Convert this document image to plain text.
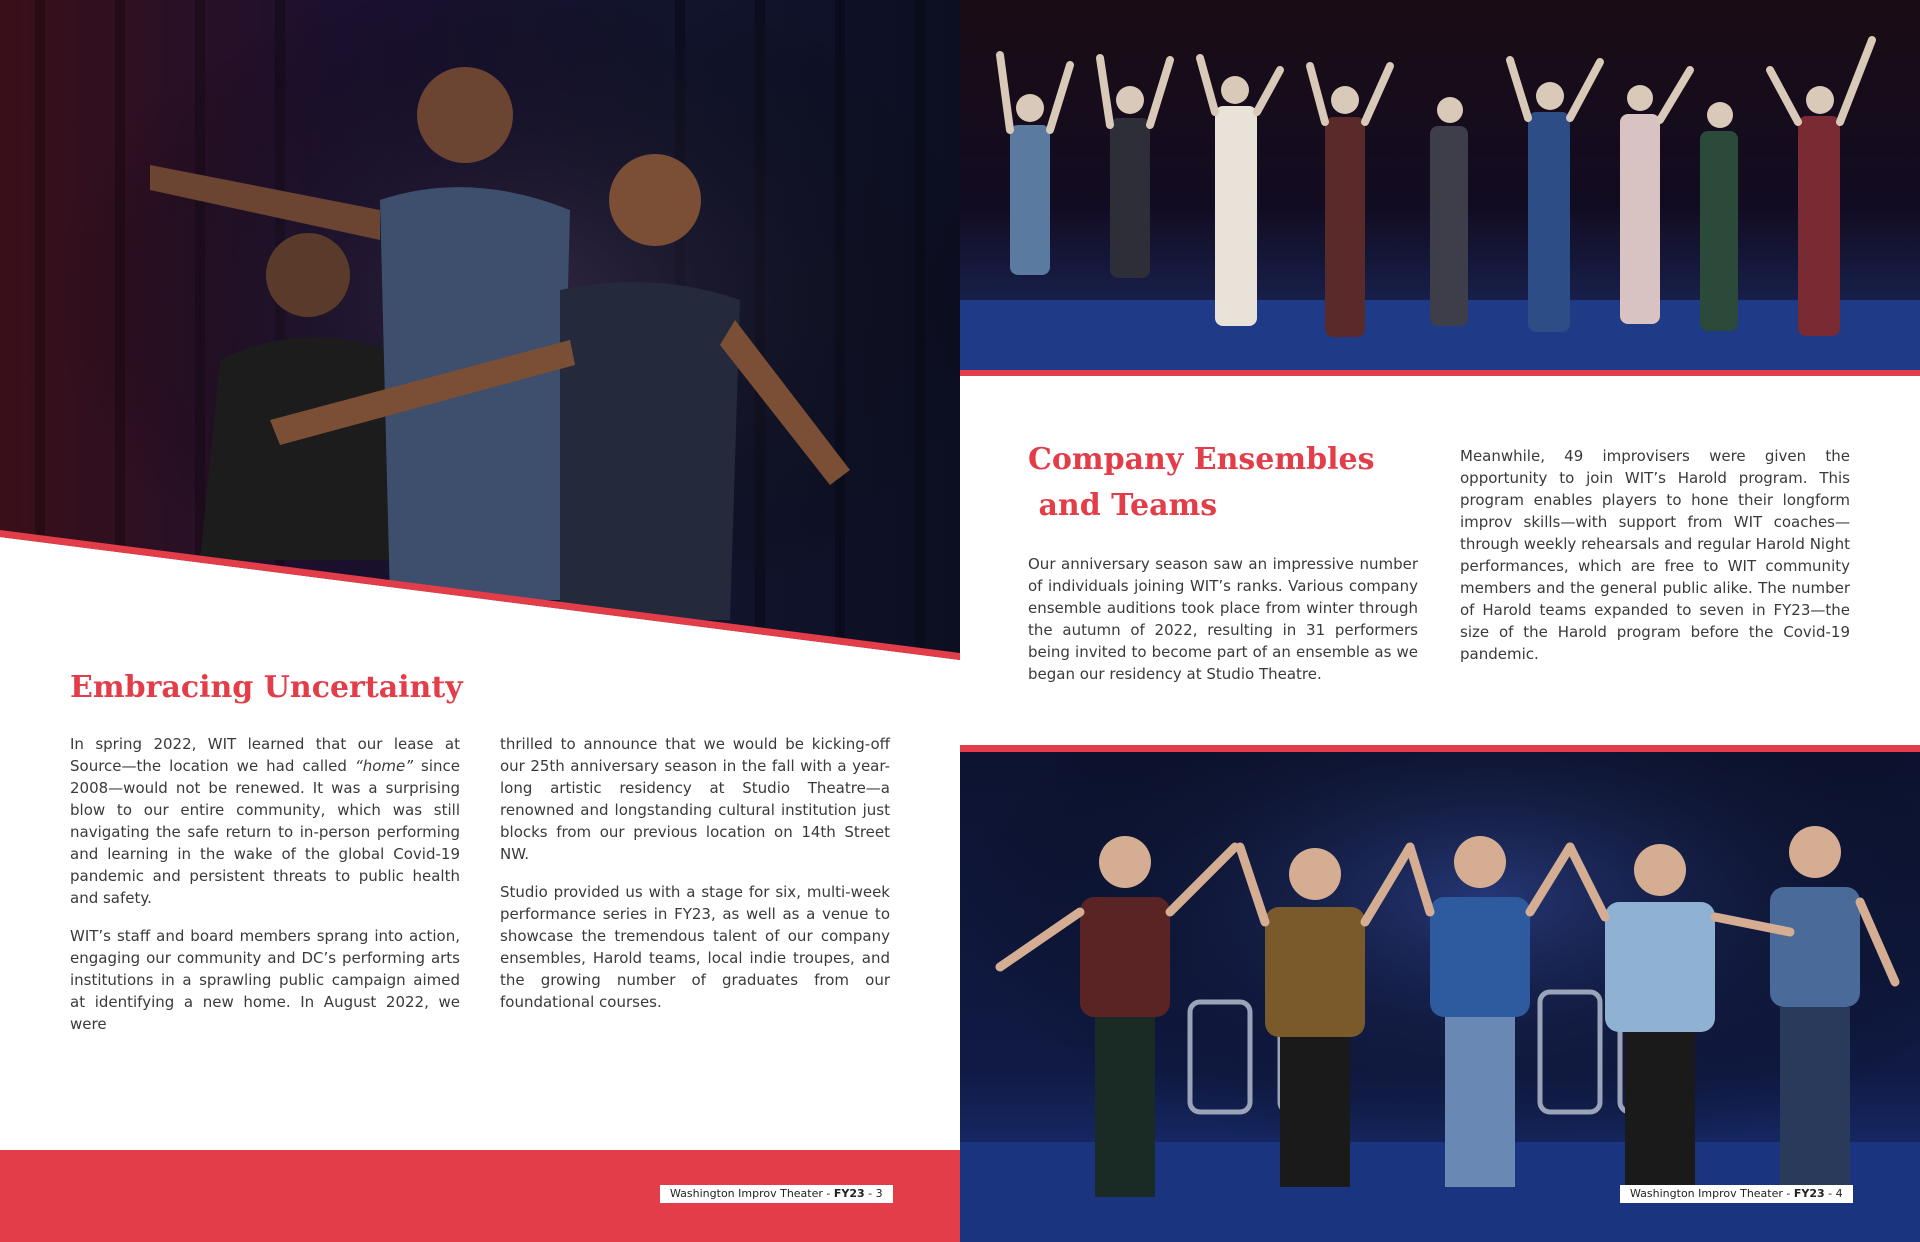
Embracing Uncertainty

In spring 2022, WIT learned that our lease at Source—the location we had called “home” since 2008—would not be renewed. It was a surprising blow to our entire community, which was still navigating the safe return to in-person performing and learning in the wake of the global Covid-19 pandemic and persistent threats to public health and safety.

WIT’s staff and board members sprang into action, engaging our community and DC’s performing arts institutions in a sprawling public campaign aimed at identifying a new home. In August 2022, we were

thrilled to announce that we would be kicking-off our 25th anniversary season in the fall with a year-long artistic residency at Studio Theatre—a renowned and longstanding cultural institution just blocks from our previous location on 14th Street NW.

Studio provided us with a stage for six, multi-week performance series in FY23, as well as a venue to showcase the tremendous talent of our company ensembles, Harold teams, local indie troupes, and the growing number of graduates from our foundational courses.

Washington Improv Theater - FY23 - 3
Company Ensembles
and Teams

Our anniversary season saw an impressive number of individuals joining WIT’s ranks. Various company ensemble auditions took place from winter through the autumn of 2022, resulting in 31 performers being invited to become part of an ensemble as we began our residency at Studio Theatre.

Meanwhile, 49 improvisers were given the opportunity to join WIT’s Harold program. This program enables players to hone their longform improv skills—with support from WIT coaches—through weekly rehearsals and regular Harold Night performances, which are free to WIT community members and the general public alike. The number of Harold teams expanded to seven in FY23—the size of the Harold program before the Covid-19 pandemic.

Washington Improv Theater - FY23 - 4
